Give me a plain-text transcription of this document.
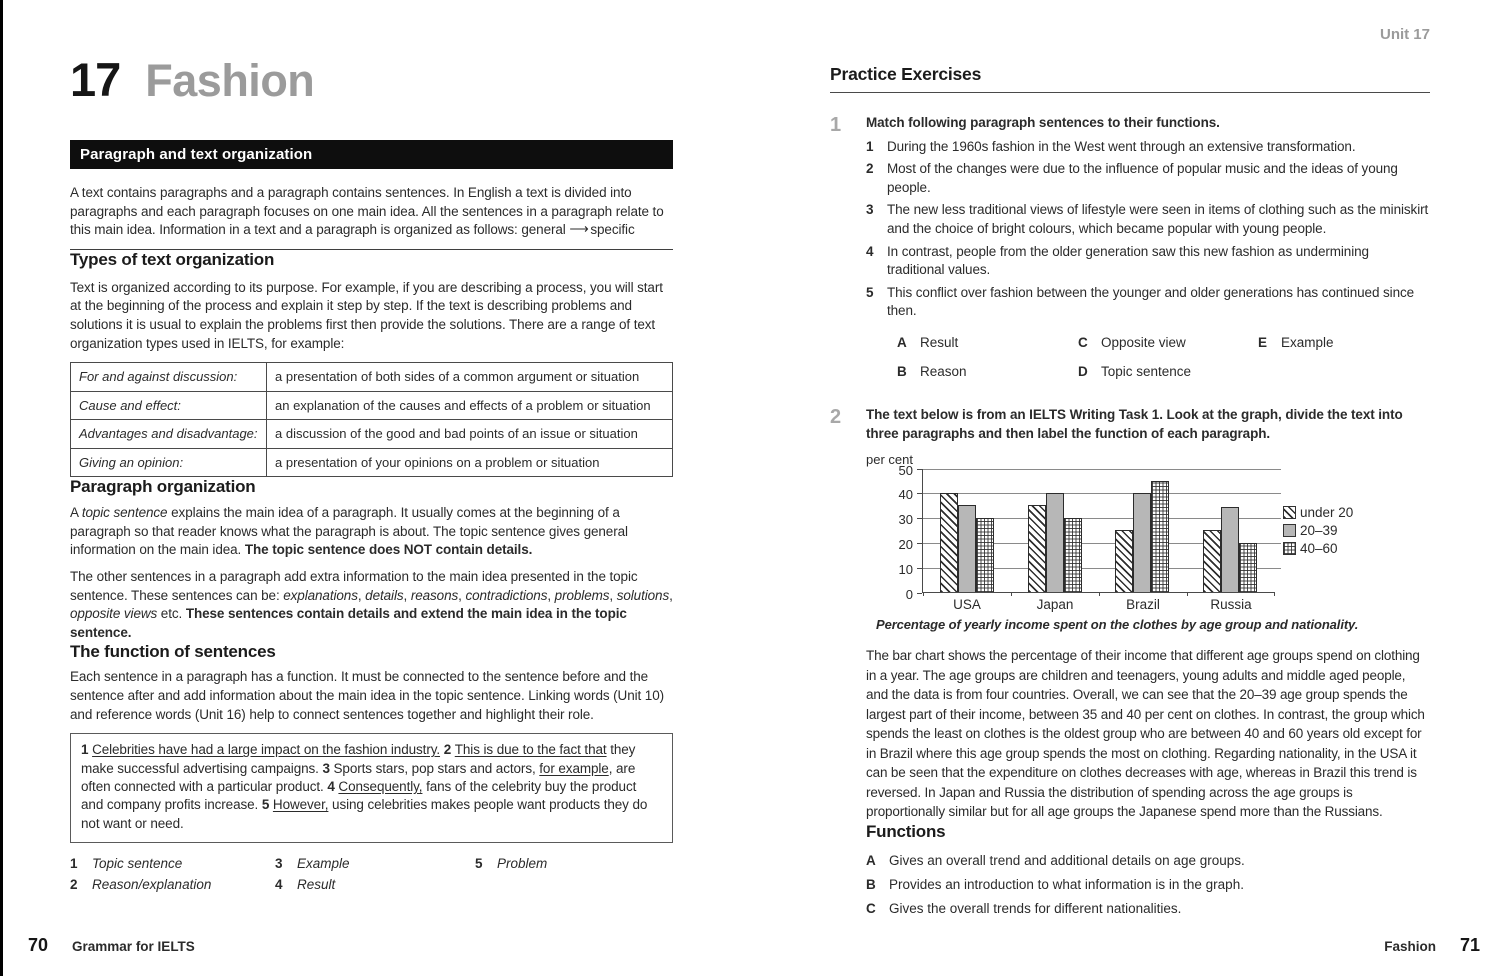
17 Fashion
Paragraph and text organization

A text contains paragraphs and a paragraph contains sentences. In English a text is divided into paragraphs and each paragraph focuses on one main idea. All the sentences in a paragraph relate to this main idea. Information in a text and a paragraph is organized as follows: general ⟶ specific

Types of text organization

Text is organized according to its purpose. For example, if you are describing a process, you will start at the beginning of the process and explain it step by step. If the text is describing problems and solutions it is usual to explain the problems first then provide the solutions. There are a range of text organization types used in IELTS, for example:

For and against discussion:	a presentation of both sides of a common argument or situation
Cause and effect:	an explanation of the causes and effects of a problem or situation
Advantages and disadvantage:	a discussion of the good and bad points of an issue or situation
Giving an opinion:	a presentation of your opinions on a problem or situation
Paragraph organization

A topic sentence explains the main idea of a paragraph. It usually comes at the beginning of a paragraph so that reader knows what the paragraph is about. The topic sentence gives general information on the main idea. The topic sentence does NOT contain details.

The other sentences in a paragraph add extra information to the main idea presented in the topic sentence. These sentences can be: explanations, details, reasons, contradictions, problems, solutions, opposite views etc. These sentences contain details and extend the main idea in the topic sentence.

The function of sentences

Each sentence in a paragraph has a function. It must be connected to the sentence before and the sentence after and add information about the main idea in the topic sentence. Linking words (Unit 10) and reference words (Unit 16) help to connect sentences together and highlight their role.

1 Celebrities have had a large impact on the fashion industry. 2 This is due to the fact that they make successful advertising campaigns. 3 Sports stars, pop stars and actors, for example, are often connected with a particular product. 4 Consequently, fans of the celebrity buy the product and company profits increase. 5 However, using celebrities makes people want products they do not want or need.
1	Topic sentence
2	Reason/explanation
3	Example
4	Result
5	Problem
Practice Exercises
1	Match following paragraph sentences to their functions.
1	During the 1960s fashion in the West went through an extensive transformation.
2	Most of the changes were due to the influence of popular music and the ideas of young people.
3	The new less traditional views of lifestyle were seen in items of clothing such as the miniskirt and the choice of bright colours, which became popular with young people.
4	In contrast, people from the older generation saw this new fashion as undermining traditional values.
5	This conflict over fashion between the younger and older generations has continued since then.
A Result
B Reason
C Opposite view
D Topic sentence
E	Example
2	The text below is from an IELTS Writing Task 1. Look at the graph, divide the text into three paragraphs and then label the function of each paragraph.
per cent
0
10
20
30
40
50
under 20
20–39
40–60
USA	Japan	Brazil	Russia
Percentage of yearly income spent on the clothes by age group and nationality.

The bar chart shows the percentage of their income that different age groups spend on clothing in a year. The age groups are children and teenagers, young adults and middle aged people, and the data is from four countries. Overall, we can see that the 20–39 age group spends the largest part of their income, between 35 and 40 per cent on clothes. In contrast, the group which spends the least on clothes is the oldest group who are between 40 and 60 years old except for in Brazil where this age group spends the most on clothing. Regarding nationality, in the USA it can be seen that the expenditure on clothes decreases with age, whereas in Brazil this trend is reversed. In Japan and Russia the distribution of spending across the age groups is proportionally similar but for all age groups the Japanese spend more than the Russians.

Functions
A Gives an overall trend and additional details on age groups.
B Provides an introduction to what information is in the graph.
C Gives the overall trends for different nationalities.
Unit 17
70 Grammar for IELTS	Fashion 71
